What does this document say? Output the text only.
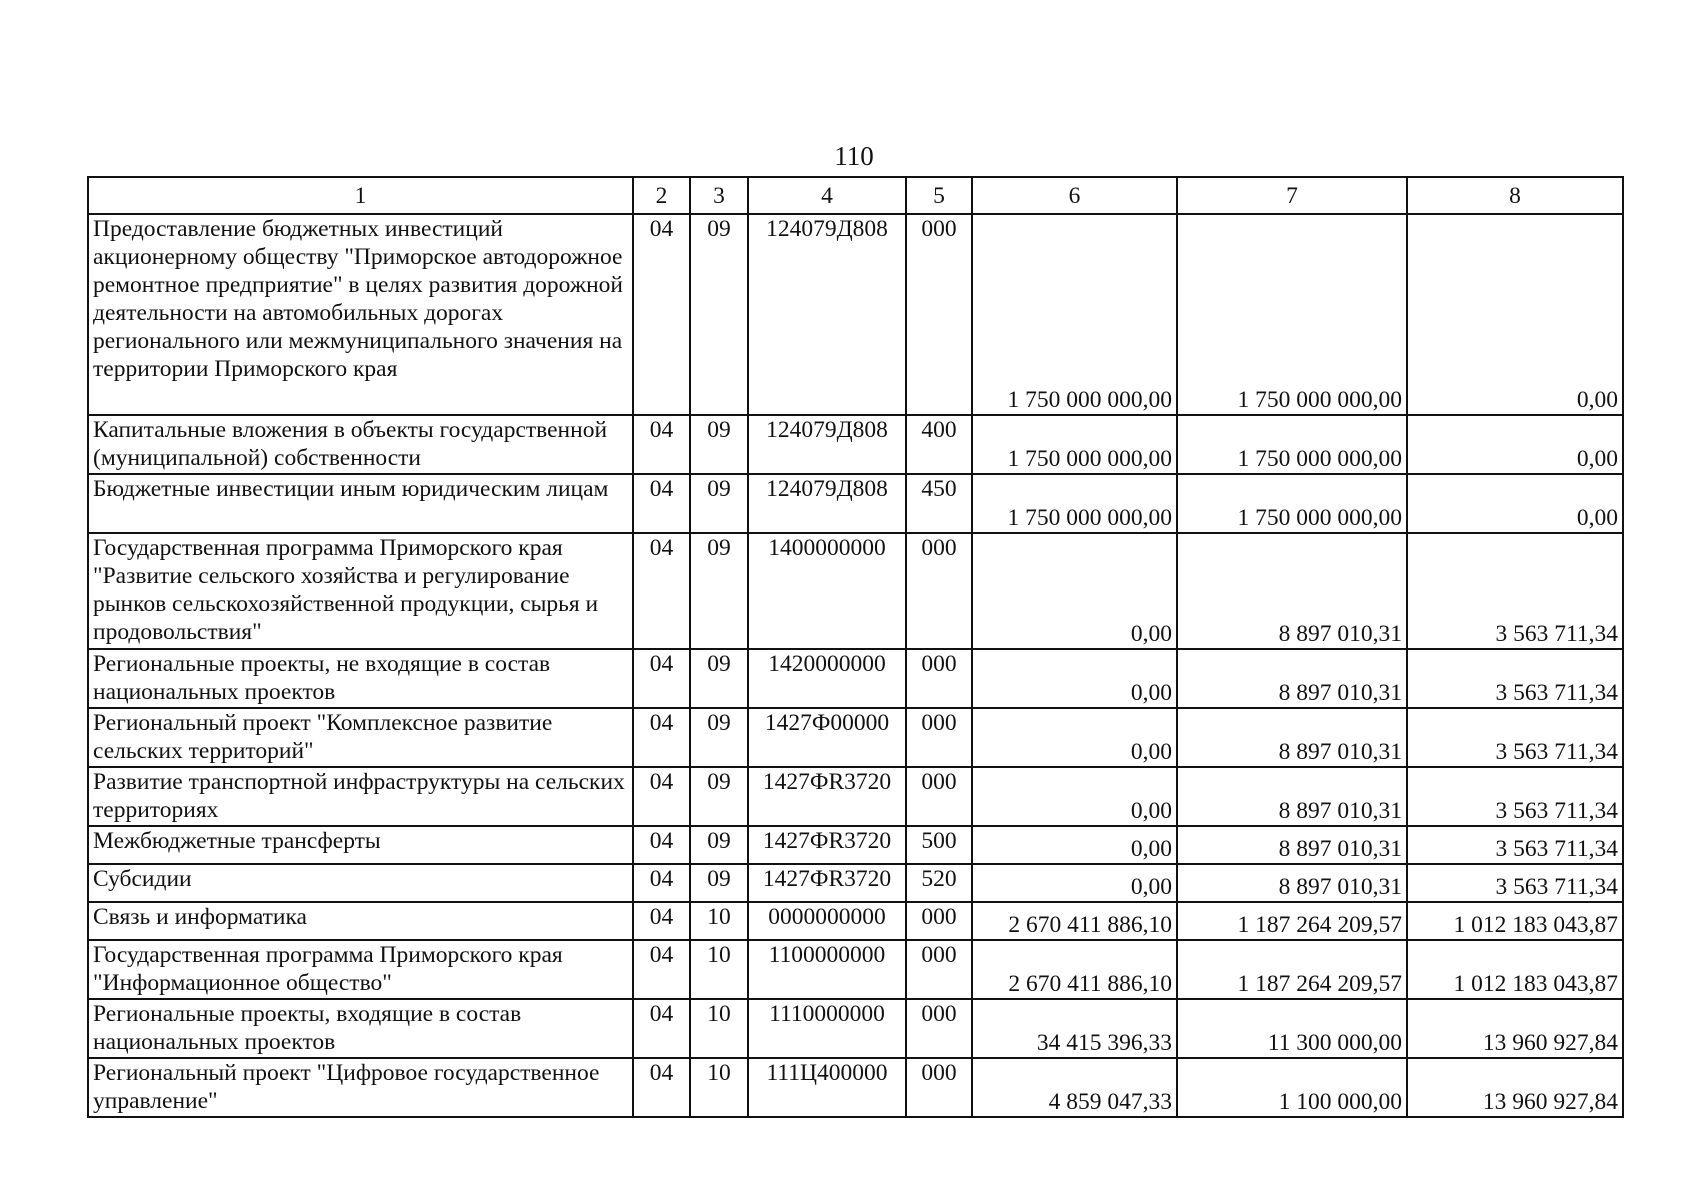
110
1	2	3	4	5	6	7	8
Предоставление бюджетных инвестиций акционерному обществу "Приморское автодорожное ремонтное предприятие" в целях развития дорожной деятельности на автомобильных дорогах регионального или межмуниципального значения на территории Приморского края	04	09	124079Д808	000	1 750 000 000,00	1 750 000 000,00	0,00
Капитальные вложения в объекты государственной (муниципальной) собственности	04	09	124079Д808	400	1 750 000 000,00	1 750 000 000,00	0,00
Бюджетные инвестиции иным юридическим лицам	04	09	124079Д808	450	1 750 000 000,00	1 750 000 000,00	0,00
Государственная программа Приморского края "Развитие сельского хозяйства и регулирование рынков сельскохозяйственной продукции, сырья и продовольствия"	04	09	1400000000	000	0,00	8 897 010,31	3 563 711,34
Региональные проекты, не входящие в состав национальных проектов	04	09	1420000000	000	0,00	8 897 010,31	3 563 711,34
Региональный проект "Комплексное развитие сельских территорий"	04	09	1427Ф00000	000	0,00	8 897 010,31	3 563 711,34
Развитие транспортной инфраструктуры на сельских территориях	04	09	1427ФR3720	000	0,00	8 897 010,31	3 563 711,34
Межбюджетные трансферты	04	09	1427ФR3720	500	0,00	8 897 010,31	3 563 711,34
Субсидии	04	09	1427ФR3720	520	0,00	8 897 010,31	3 563 711,34
Связь и информатика	04	10	0000000000	000	2 670 411 886,10	1 187 264 209,57	1 012 183 043,87
Государственная программа Приморского края "Информационное общество"	04	10	1100000000	000	2 670 411 886,10	1 187 264 209,57	1 012 183 043,87
Региональные проекты, входящие в состав национальных проектов	04	10	1110000000	000	34 415 396,33	11 300 000,00	13 960 927,84
Региональный проект "Цифровое государственное управление"	04	10	111Ц400000	000	4 859 047,33	1 100 000,00	13 960 927,84
